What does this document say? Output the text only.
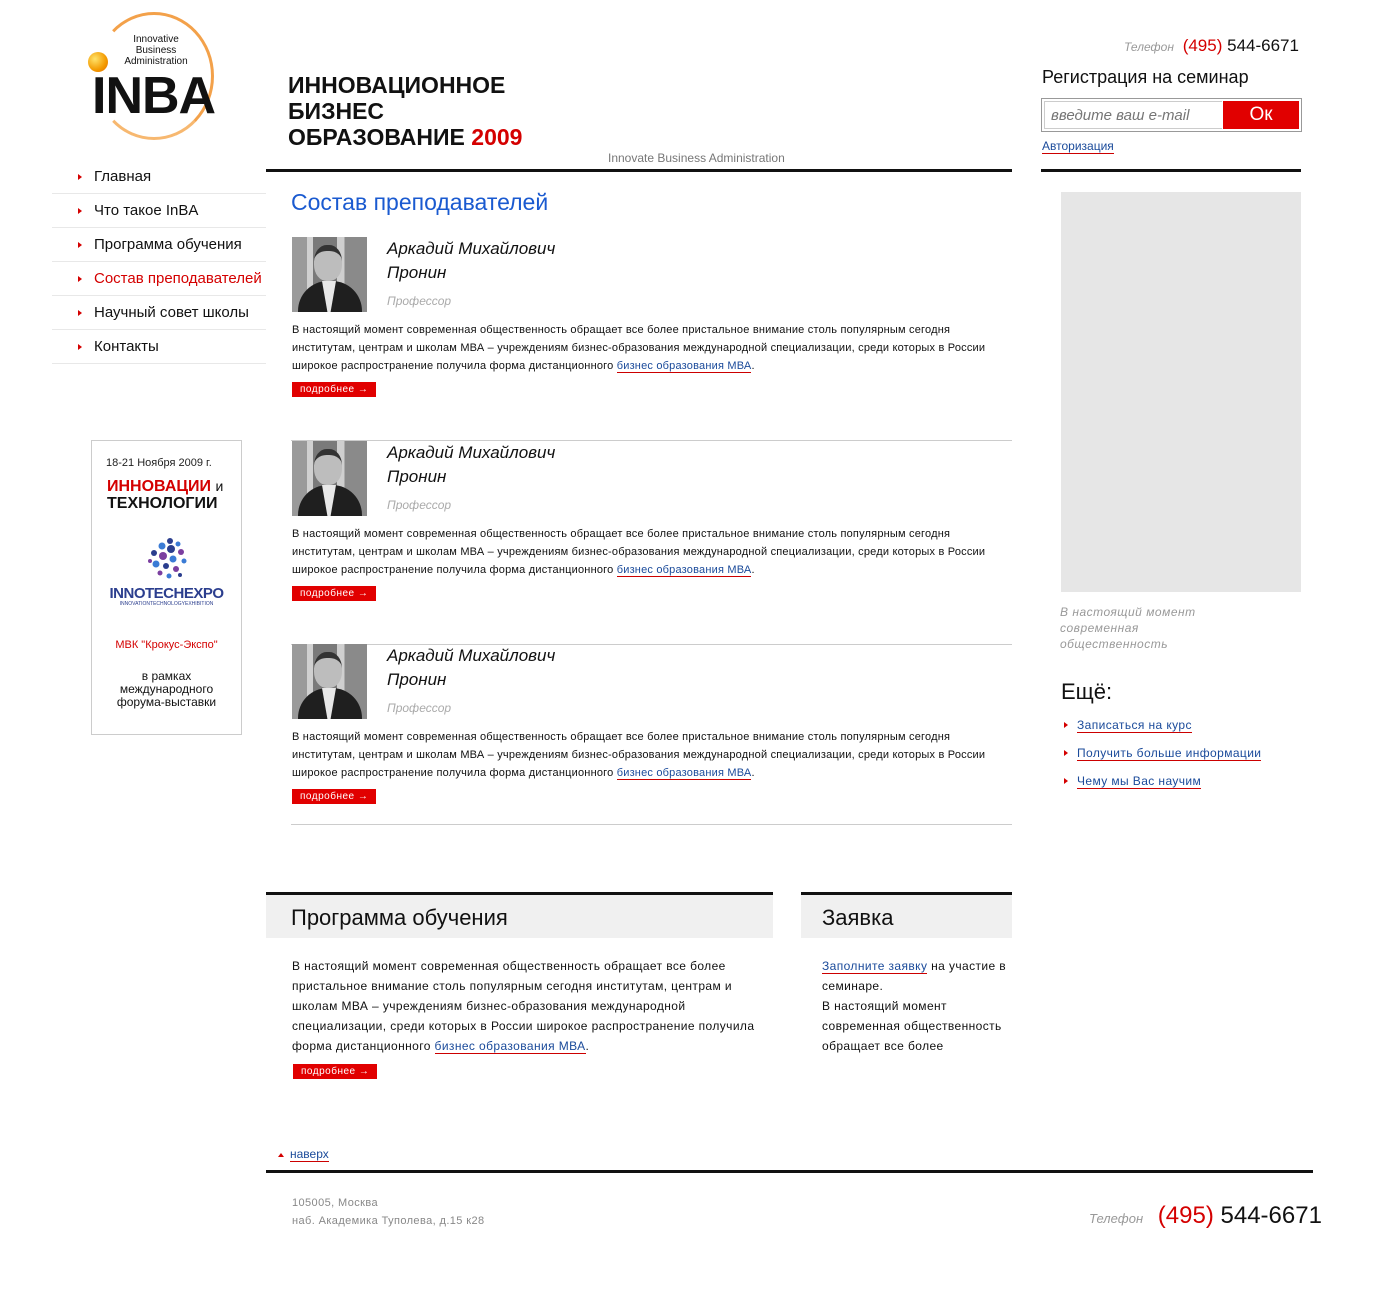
Innovative
Business
Administration
INBA	ИННОВАЦИОННОЕ
БИЗНЕС
ОБРАЗОВАНИЕ 2009
Innovate Business Administration
Телефон (495) 544-6671
Регистрация на семинар
введите ваш e-mail
Ок
Авторизация
Главная
Что такое InBA
Программа обучения
Состав преподавателей
Научный совет школы
Контакты
18-21 Ноября 2009 г.
ИННОВАЦИИ и
ТЕХНОЛОГИИ
INNOTECHEXPO
INNOVATIONTECHNOLOGYEXHIBITION
МВК "Крокус-Экспо"
в рамках
международного
форума-выставки
Состав преподавателей
Аркадий Михайлович
Пронин
Профессор
В настоящий момент современная общественность обращает все более пристальное внимание столь популярным сегодня институтам, центрам и школам МВА – учреждениям бизнес-образования международной специализации, среди которых в России широкое распространение получила форма дистанционного бизнес образования МВА.
подробнее →
Аркадий Михайлович
Пронин
Профессор
В настоящий момент современная общественность обращает все более пристальное внимание столь популярным сегодня институтам, центрам и школам МВА – учреждениям бизнес-образования международной специализации, среди которых в России широкое распространение получила форма дистанционного бизнес образования МВА.
подробнее →
Аркадий Михайлович
Пронин
Профессор
В настоящий момент современная общественность обращает все более пристальное внимание столь популярным сегодня институтам, центрам и школам МВА – учреждениям бизнес-образования международной специализации, среди которых в России широкое распространение получила форма дистанционного бизнес образования МВА.
подробнее →
В настоящий момент современная общественность
Ещё:
Записаться на курс
Получить больше информации
Чему мы Вас научим
Программа обучения
В настоящий момент современная общественность обращает все более пристальное внимание столь популярным сегодня институтам, центрам и школам МВА – учреждениям бизнес-образования международной специализации, среди которых в России широкое распространение получила форма дистанционного бизнес образования МВА.
подробнее →
Заявка
Заполните заявку на участие в семинаре.
В настоящий момент современная общественность обращает все более
наверх
105005, Москва
наб. Академика Туполева, д.15 к28	Телефон (495) 544-6671
